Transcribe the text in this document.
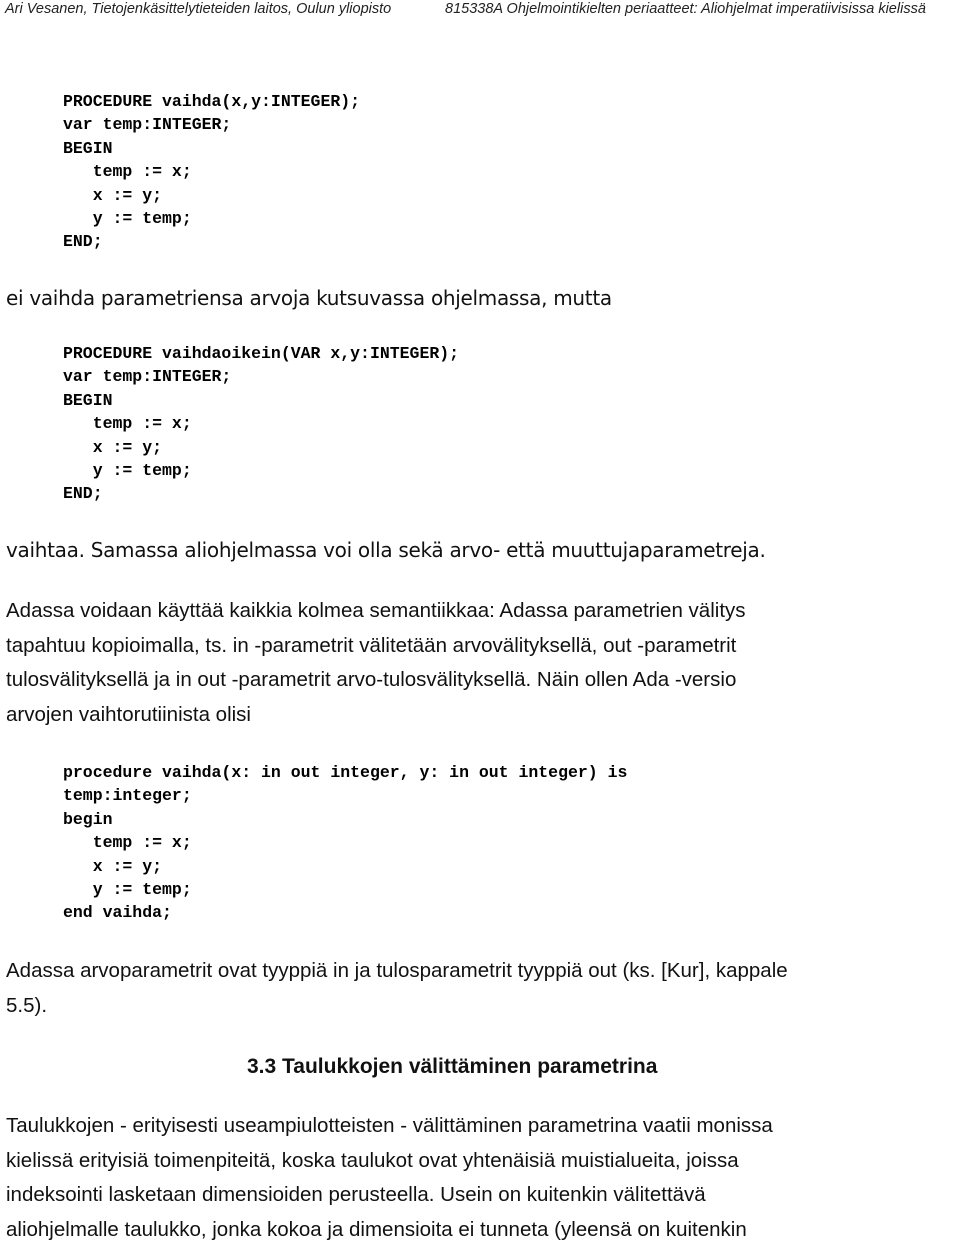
Ari Vesanen, Tietojenkäsittelytieteiden laitos, Oulun yliopisto	815338A Ohjelmointikielten periaatteet: Aliohjelmat imperatiivisissa kielissä
PROCEDURE vaihda(x,y:INTEGER);
var temp:INTEGER;
BEGIN
temp := x;
x := y;
y := temp;
END;

ei vaihda parametriensa arvoja kutsuvassa ohjelmassa, mutta

PROCEDURE vaihdaoikein(VAR x,y:INTEGER);
var temp:INTEGER;
BEGIN
temp := x;
x := y;
y := temp;
END;

vaihtaa. Samassa aliohjelmassa voi olla sekä arvo- että muuttujaparametreja.

Adassa voidaan käyttää kaikkia kolmea semantiikkaa: Adassa parametrien välitys
tapahtuu kopioimalla, ts. in -parametrit välitetään arvovälityksellä, out -parametrit
tulosvälityksellä ja in out -parametrit arvo-tulosvälityksellä. Näin ollen Ada -versio
arvojen vaihtorutiinista olisi

procedure vaihda(x: in out integer, y: in out integer) is
temp:integer;
begin
temp := x;
x := y;
y := temp;
end vaihda;

Adassa arvoparametrit ovat tyyppiä in ja tulosparametrit tyyppiä out (ks. [Kur], kappale
5.5).

3.3 Taulukkojen välittäminen parametrina

Taulukkojen - erityisesti useampiulotteisten - välittäminen parametrina vaatii monissa
kielissä erityisiä toimenpiteitä, koska taulukot ovat yhtenäisiä muistialueita, joissa
indeksointi lasketaan dimensioiden perusteella. Usein on kuitenkin välitettävä
aliohjelmalle taulukko, jonka kokoa ja dimensioita ei tunneta (yleensä on kuitenkin
